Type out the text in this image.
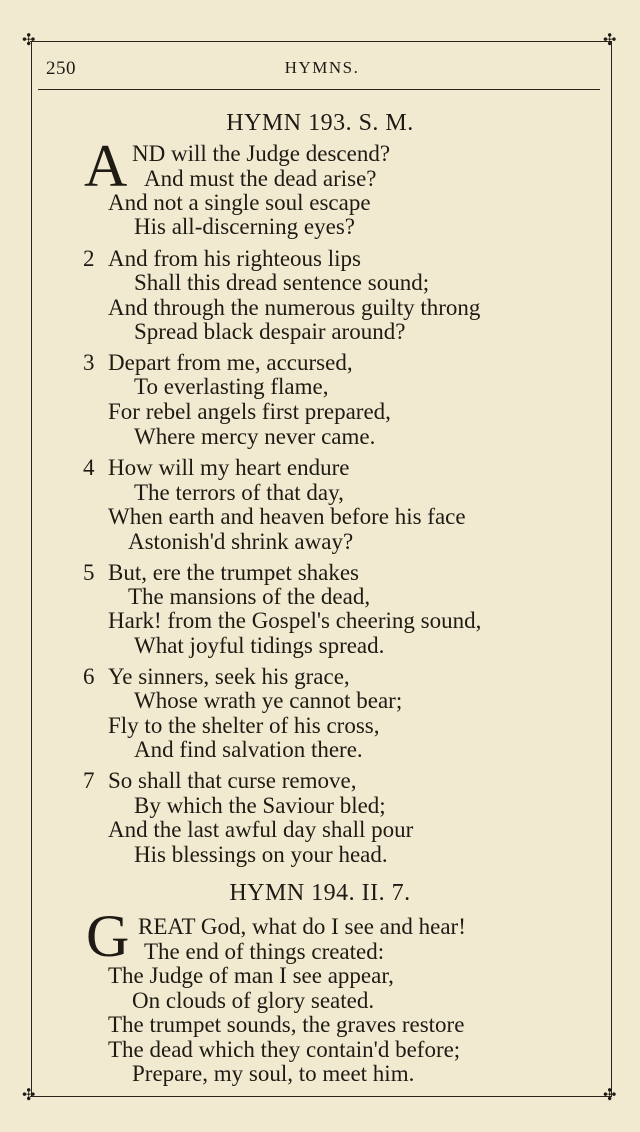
✣	✣
✣	✣
250	HYMNS.
HYMN 193. S. M.
A ND will the Judge descend?
And must the dead arise?
And not a single soul escape
His all-discerning eyes?
2 And from his righteous lips
Shall this dread sentence sound;
And through the numerous guilty throng
Spread black despair around?
3 Depart from me, accursed,
To everlasting flame,
For rebel angels first prepared,
Where mercy never came.
4 How will my heart endure
The terrors of that day,
When earth and heaven before his face
Astonish'd shrink away?
5 But, ere the trumpet shakes
The mansions of the dead,
Hark! from the Gospel's cheering sound,
What joyful tidings spread.
6 Ye sinners, seek his grace,
Whose wrath ye cannot bear;
Fly to the shelter of his cross,
And find salvation there.
7 So shall that curse remove,
By which the Saviour bled;
And the last awful day shall pour
His blessings on your head.
HYMN 194. II. 7.
G REAT God, what do I see and hear!
The end of things created:
The Judge of man I see appear,
On clouds of glory seated.
The trumpet sounds, the graves restore
The dead which they contain'd before;
Prepare, my soul, to meet him.
